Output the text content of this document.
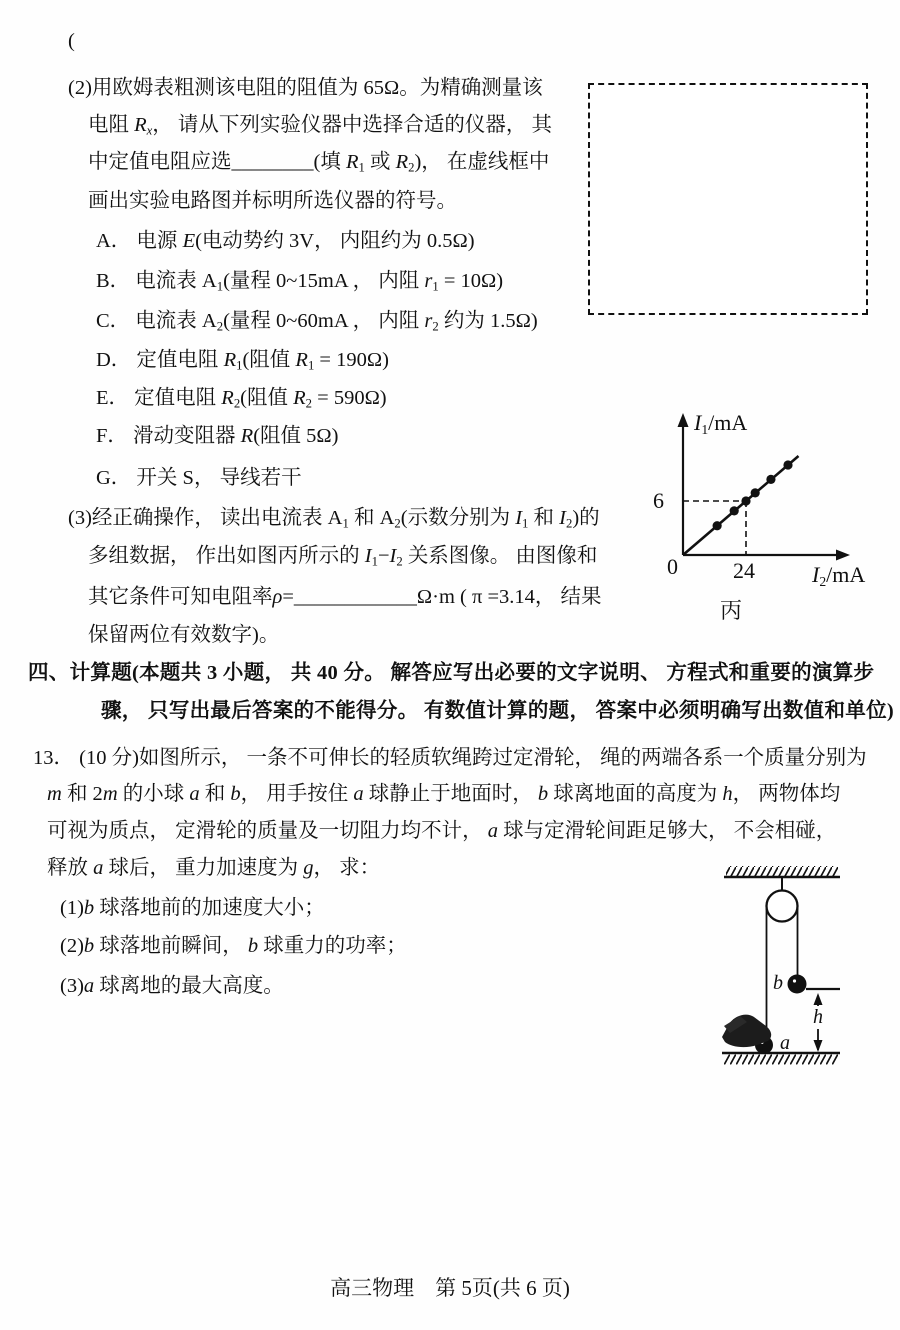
(
(2)用欧姆表粗测该电阻的阻值为 65Ω。为精确测量该
电阻 Rx， 请从下列实验仪器中选择合适的仪器， 其
中定值电阻应选________(填 R1 或 R2)， 在虚线框中
画出实验电路图并标明所选仪器的符号。
A． 电源 E(电动势约 3V， 内阻约为 0.5Ω)
B． 电流表 A1(量程 0~15mA ， 内阻 r1 = 10Ω)
C． 电流表 A2(量程 0~60mA ， 内阻 r2 约为 1.5Ω)
D． 定值电阻 R1(阻值 R1 = 190Ω)
E． 定值电阻 R2(阻值 R2 = 590Ω)
F． 滑动变阻器 R(阻值 5Ω)
G． 开关 S， 导线若干
(3)经正确操作， 读出电流表 A1 和 A2(示数分别为 I1 和 I2)的
多组数据， 作出如图丙所示的 I1−I2 关系图像。 由图像和
其它条件可知电阻率ρ=____________Ω·m ( π =3.14， 结果
保留两位有效数字)。
I1/mA
I2/mA
6
0	24
丙
四、计算题(本题共 3 小题， 共 40 分。 解答应写出必要的文字说明、 方程式和重要的演算步
骤， 只写出最后答案的不能得分。 有数值计算的题， 答案中必须明确写出数值和单位)
13． (10 分)如图所示， 一条不可伸长的轻质软绳跨过定滑轮， 绳的两端各系一个质量分别为
m 和 2m 的小球 a 和 b， 用手按住 a 球静止于地面时， b 球离地面的高度为 h， 两物体均
可视为质点， 定滑轮的质量及一切阻力均不计， a 球与定滑轮间距足够大， 不会相碰，
释放 a 球后， 重力加速度为 g， 求：
(1)b 球落地前的加速度大小；
(2)b 球落地前瞬间， b 球重力的功率；
(3)a 球离地的最大高度。	b
a
h
高三物理　第 5页(共 6 页)
